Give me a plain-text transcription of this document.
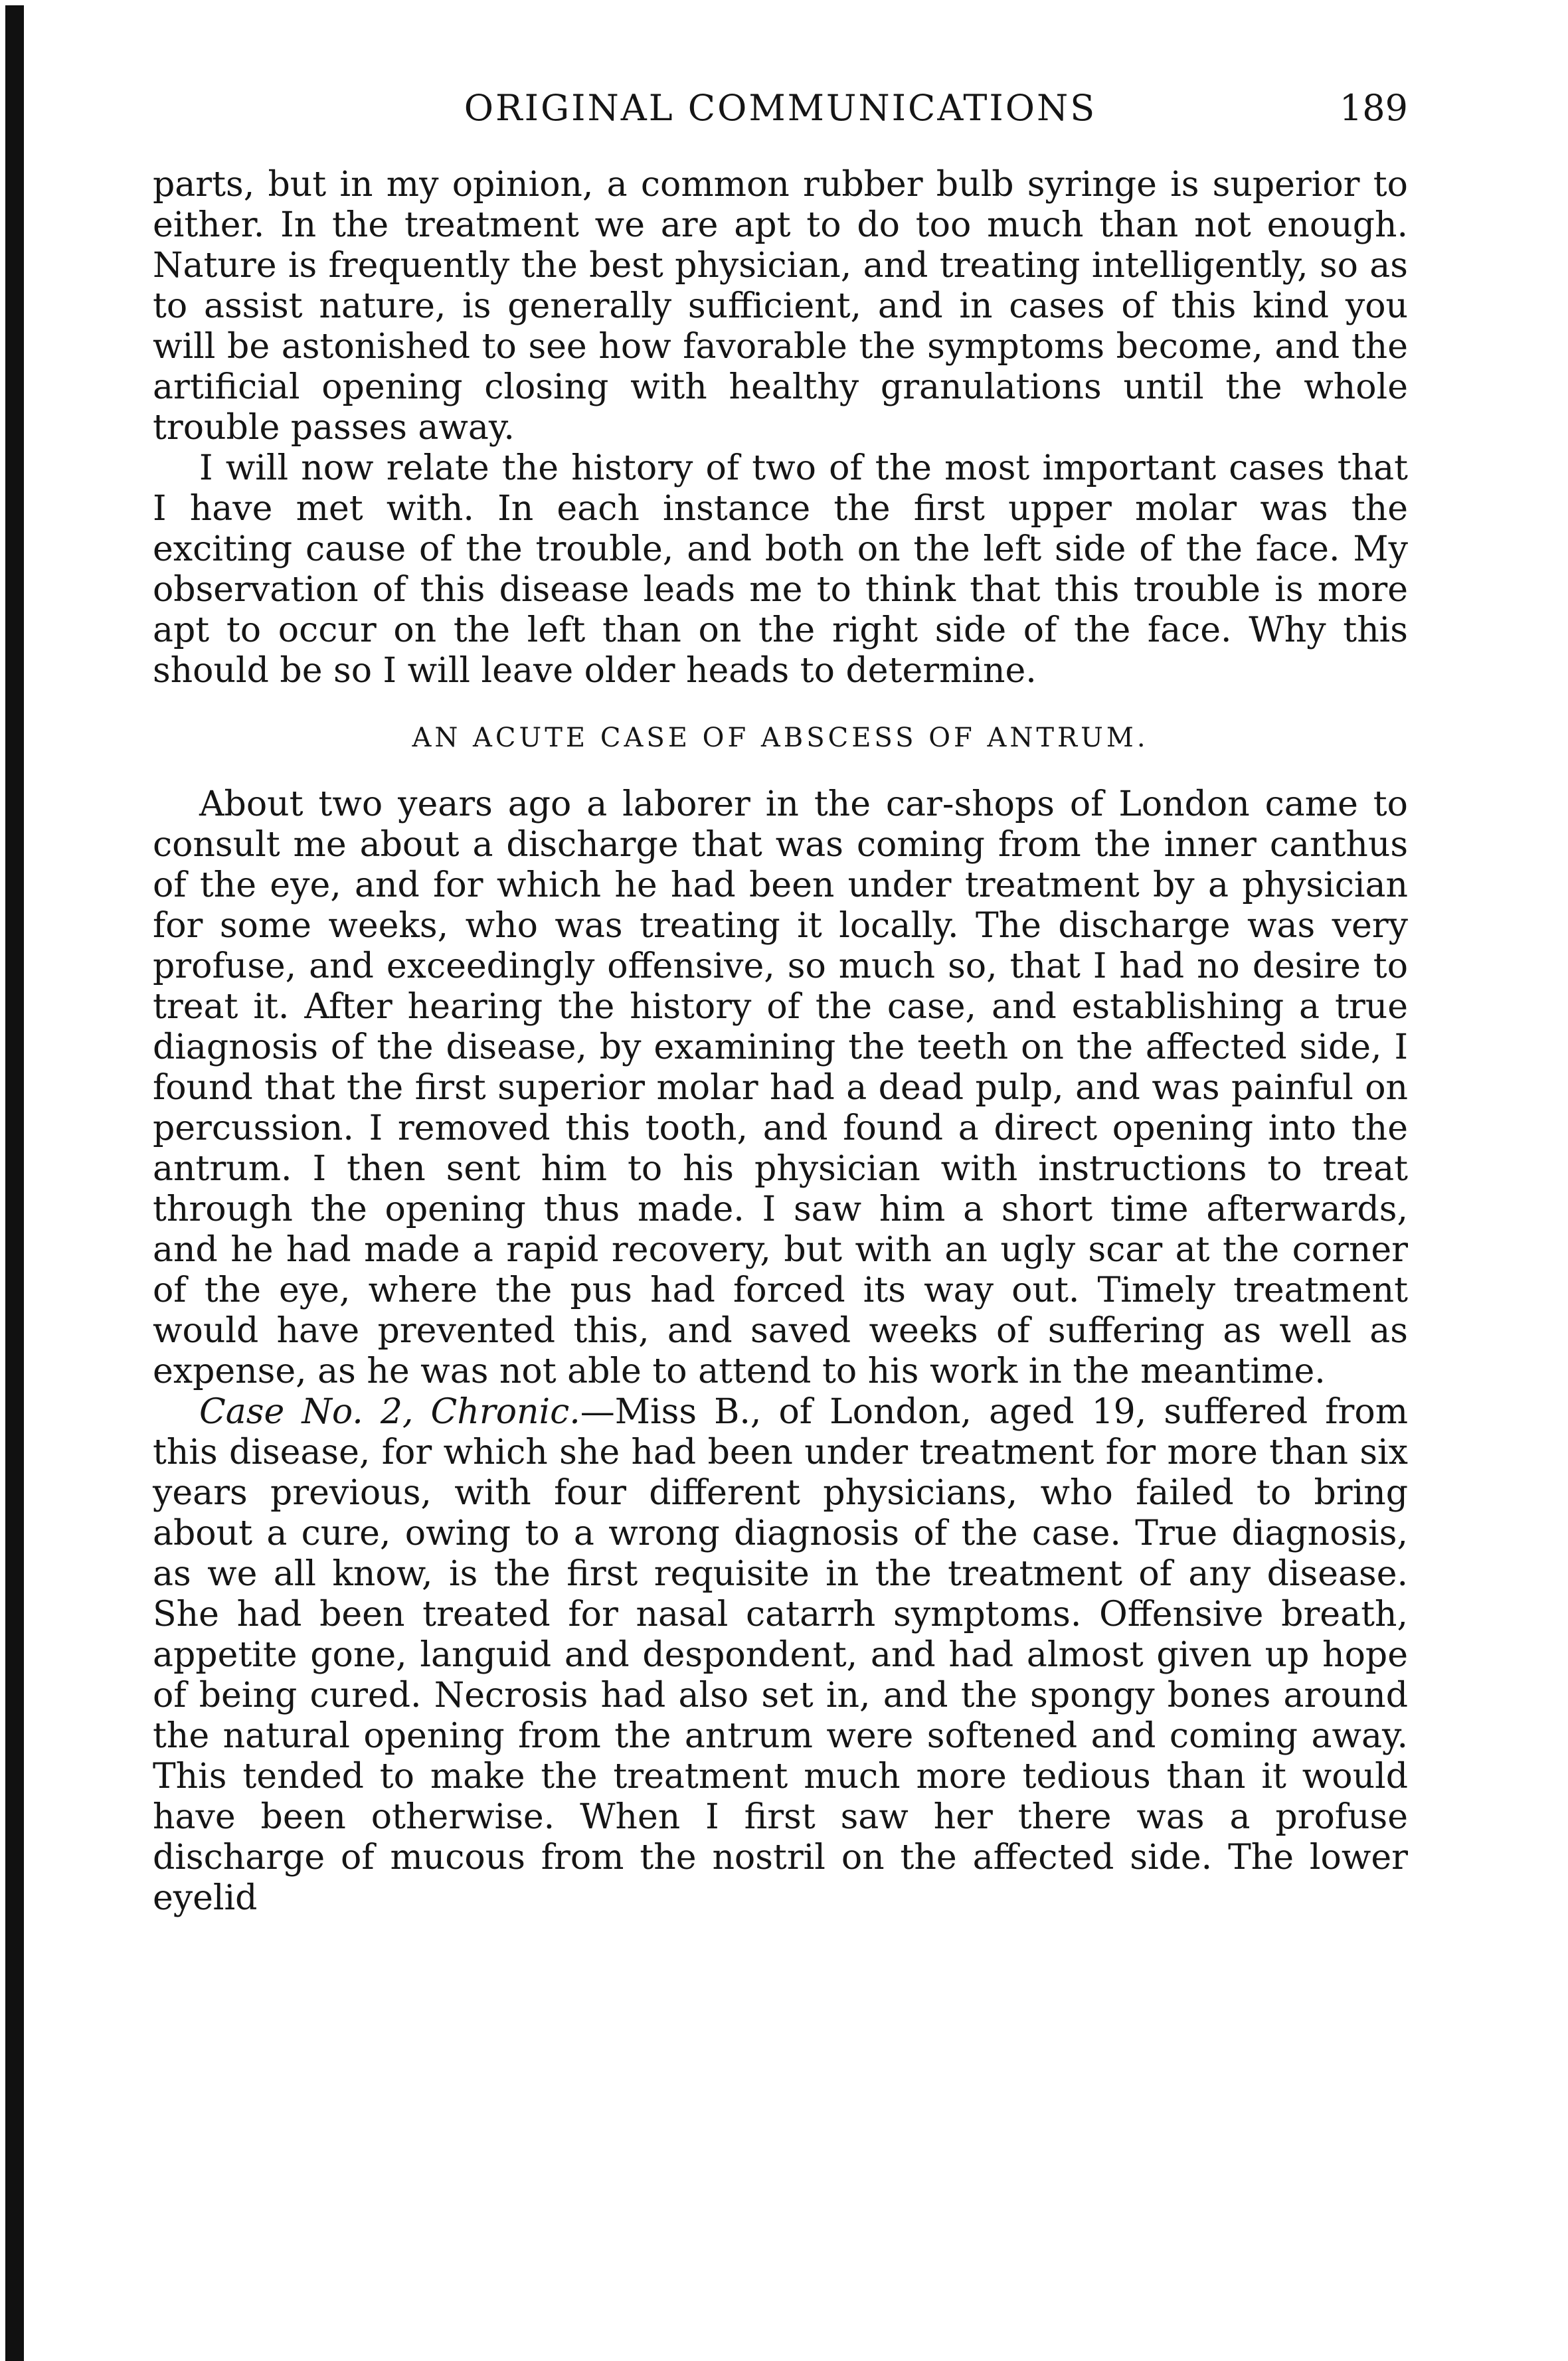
ORIGINAL COMMUNICATIONS	189

parts, but in my opinion, a common rubber bulb syringe is superior to either. In the treatment we are apt to do too much than not enough. Nature is frequently the best physician, and treating intelligently, so as to assist nature, is generally sufficient, and in cases of this kind you will be astonished to see how favorable the symptoms become, and the artificial opening closing with healthy granulations until the whole trouble passes away.

I will now relate the history of two of the most important cases that I have met with. In each instance the first upper molar was the exciting cause of the trouble, and both on the left side of the face. My observation of this disease leads me to think that this trouble is more apt to occur on the left than on the right side of the face. Why this should be so I will leave older heads to determine.

AN ACUTE CASE OF ABSCESS OF ANTRUM.

About two years ago a laborer in the car-shops of London came to consult me about a discharge that was coming from the inner canthus of the eye, and for which he had been under treatment by a physician for some weeks, who was treating it locally. The discharge was very profuse, and exceedingly offensive, so much so, that I had no desire to treat it. After hearing the history of the case, and establishing a true diagnosis of the disease, by examining the teeth on the affected side, I found that the first superior molar had a dead pulp, and was painful on percussion. I removed this tooth, and found a direct opening into the antrum. I then sent him to his physician with instructions to treat through the opening thus made. I saw him a short time afterwards, and he had made a rapid recovery, but with an ugly scar at the corner of the eye, where the pus had forced its way out. Timely treatment would have prevented this, and saved weeks of suffering as well as expense, as he was not able to attend to his work in the meantime.

Case No. 2, Chronic.—Miss B., of London, aged 19, suffered from this disease, for which she had been under treatment for more than six years previous, with four different physicians, who failed to bring about a cure, owing to a wrong diagnosis of the case. True diagnosis, as we all know, is the first requisite in the treatment of any disease. She had been treated for nasal catarrh symptoms. Offensive breath, appetite gone, languid and despondent, and had almost given up hope of being cured. Necrosis had also set in, and the spongy bones around the natural opening from the antrum were softened and coming away. This tended to make the treatment much more tedious than it would have been otherwise. When I first saw her there was a profuse discharge of mucous from the nostril on the affected side. The lower eyelid
